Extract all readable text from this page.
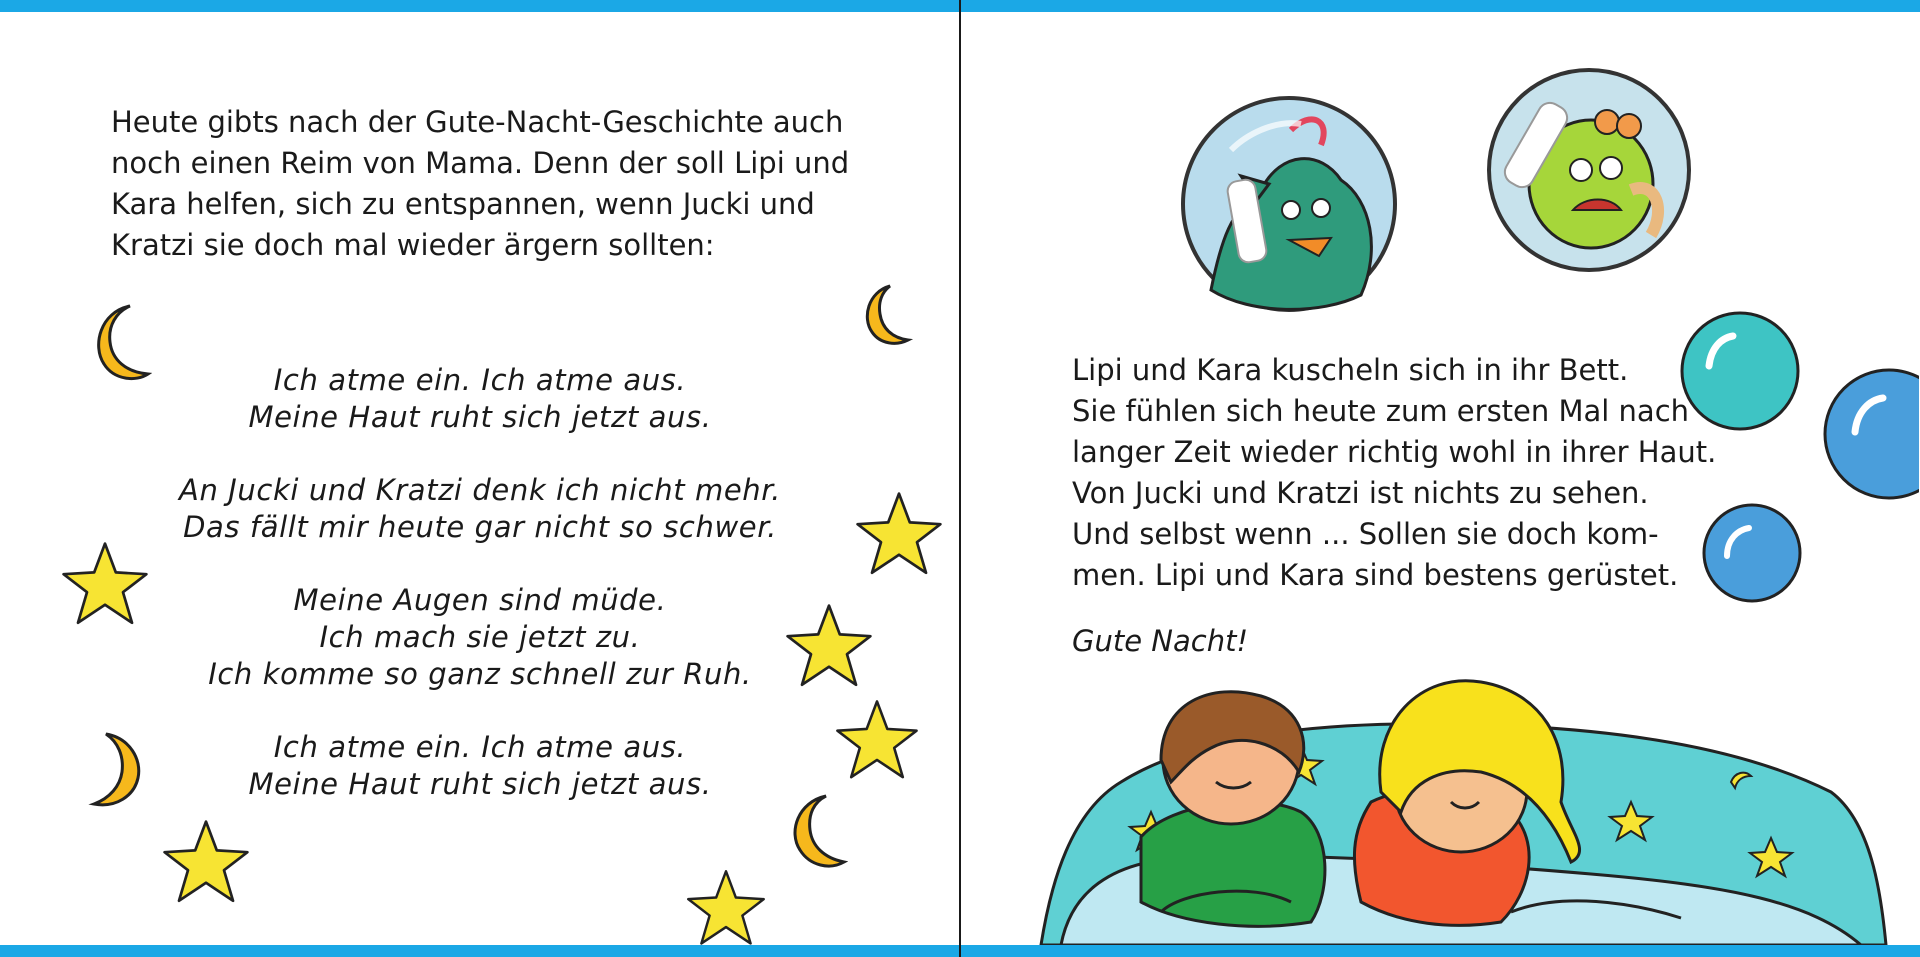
Heute gibts nach der Gute-Nacht-Geschichte auch noch einen Reim von Mama. Denn der soll Lipi und Kara helfen, sich zu entspannen, wenn Jucki und Kratzi sie doch mal wieder ärgern sollten:

Ich atme ein. Ich atme aus.
Meine Haut ruht sich jetzt aus.
An Jucki und Kratzi denk ich nicht mehr.
Das fällt mir heute gar nicht so schwer.
Meine Augen sind müde.
Ich mach sie jetzt zu.
Ich komme so ganz schnell zur Ruh.
Ich atme ein. Ich atme aus.
Meine Haut ruht sich jetzt aus.
Lipi und Kara kuscheln sich in ihr Bett.
Sie fühlen sich heute zum ersten Mal nach
langer Zeit wieder richtig wohl in ihrer Haut.
Von Jucki und Kratzi ist nichts zu sehen.
Und selbst wenn ... Sollen sie doch kom-
men. Lipi und Kara sind bestens gerüstet.

Gute Nacht!
